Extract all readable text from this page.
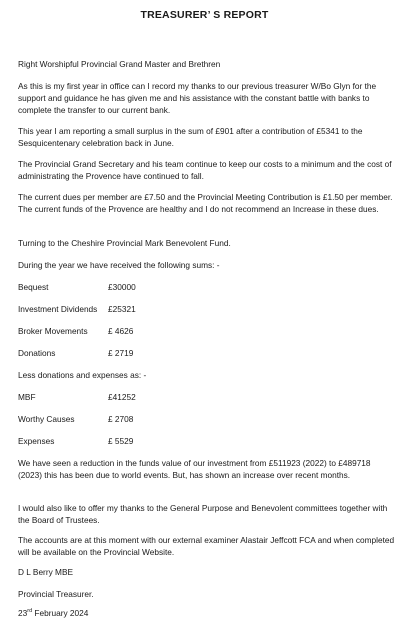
TREASURER’ S REPORT

Right Worshipful Provincial Grand Master and Brethren

As this is my first year in office can I record my thanks to our previous treasurer W/Bo Glyn for the support and guidance he has given me and his assistance with the constant battle with banks to complete the transfer to our current bank.

This year I am reporting a small surplus in the sum of £901 after a contribution of £5341 to the Sesquicentenary celebration back in June.

The Provincial Grand Secretary and his team continue to keep our costs to a minimum and the cost of administrating the Provence have continued to fall.

The current dues per member are £7.50 and the Provincial Meeting Contribution is £1.50 per member. The current funds of the Provence are healthy and I do not recommend an Increase in these dues.

Turning to the Cheshire Provincial Mark Benevolent Fund.

During the year we have received the following sums: -

Bequest	£30000
Investment Dividends £25321
Broker Movements £ 4626
Donations	£ 2719

Less donations and expenses as: -

MBF	£41252
Worthy Causes	£ 2708
Expenses	£ 5529

We have seen a reduction in the funds value of our investment from £511923 (2022) to £489718 (2023) this has been due to world events. But, has shown an increase over recent months.

I would also like to offer my thanks to the General Purpose and Benevolent committees together with the Board of Trustees.

The accounts are at this moment with our external examiner Alastair Jeffcott FCA and when completed will be available on the Provincial Website.

D L Berry MBE

Provincial Treasurer.

23rd February 2024
